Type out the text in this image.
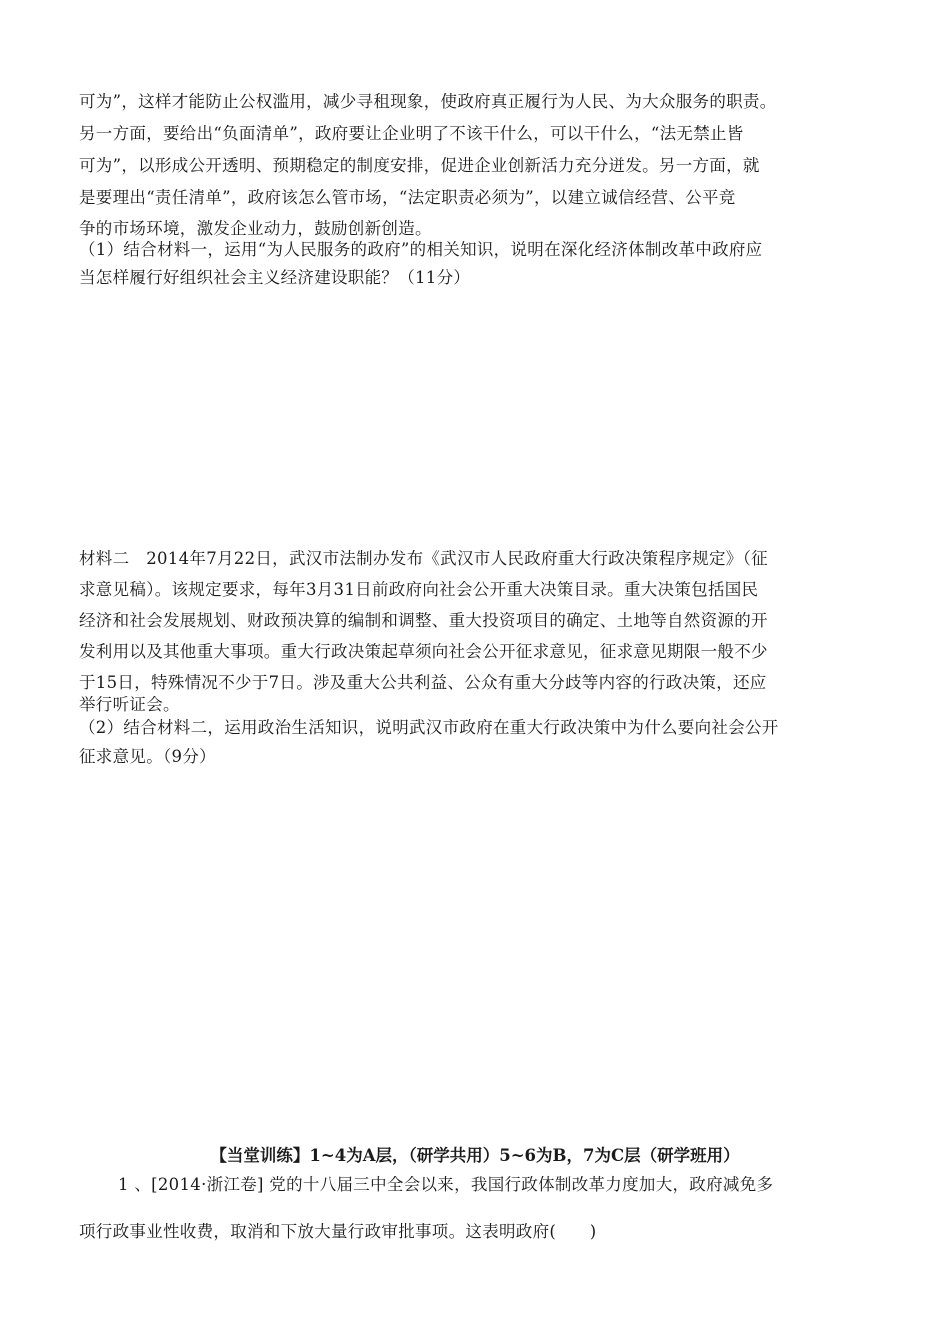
可为”，这样才能防止公权滥用，减少寻租现象，使政府真正履行为人民、为大众服务的职责。
另一方面，要给出“负面清单”，政府要让企业明了不该干什么，可以干什么，“法无禁止皆
可为”，以形成公开透明、预期稳定的制度安排，促进企业创新活力充分迸发。另一方面，就
是要理出“责任清单”，政府该怎么管市场，“法定职责必须为”，以建立诚信经营、公平竞
争的市场环境，激发企业动力，鼓励创新创造。
（1）结合材料一，运用“为人民服务的政府”的相关知识，说明在深化经济体制改革中政府应
当怎样履行好组织社会主义经济建设职能？（11分）
材料二　2014年7月22日，武汉市法制办发布《武汉市人民政府重大行政决策程序规定》（征
求意见稿）。该规定要求，每年3月31日前政府向社会公开重大决策目录。重大决策包括国民
经济和社会发展规划、财政预决算的编制和调整、重大投资项目的确定、土地等自然资源的开
发利用以及其他重大事项。重大行政决策起草须向社会公开征求意见，征求意见期限一般不少
于15日，特殊情况不少于7日。涉及重大公共利益、公众有重大分歧等内容的行政决策，还应
举行听证会。
（2）结合材料二，运用政治生活知识，说明武汉市政府在重大行政决策中为什么要向社会公开
征求意见。（9分）
【当堂训练】1~4为A层，（研学共用）5~6为B，7为C层（研学班用）
1 、[2014·浙江卷] 党的十八届三中全会以来，我国行政体制改革力度加大，政府减免多
项行政事业性收费，取消和下放大量行政审批事项。这表明政府(　　)
